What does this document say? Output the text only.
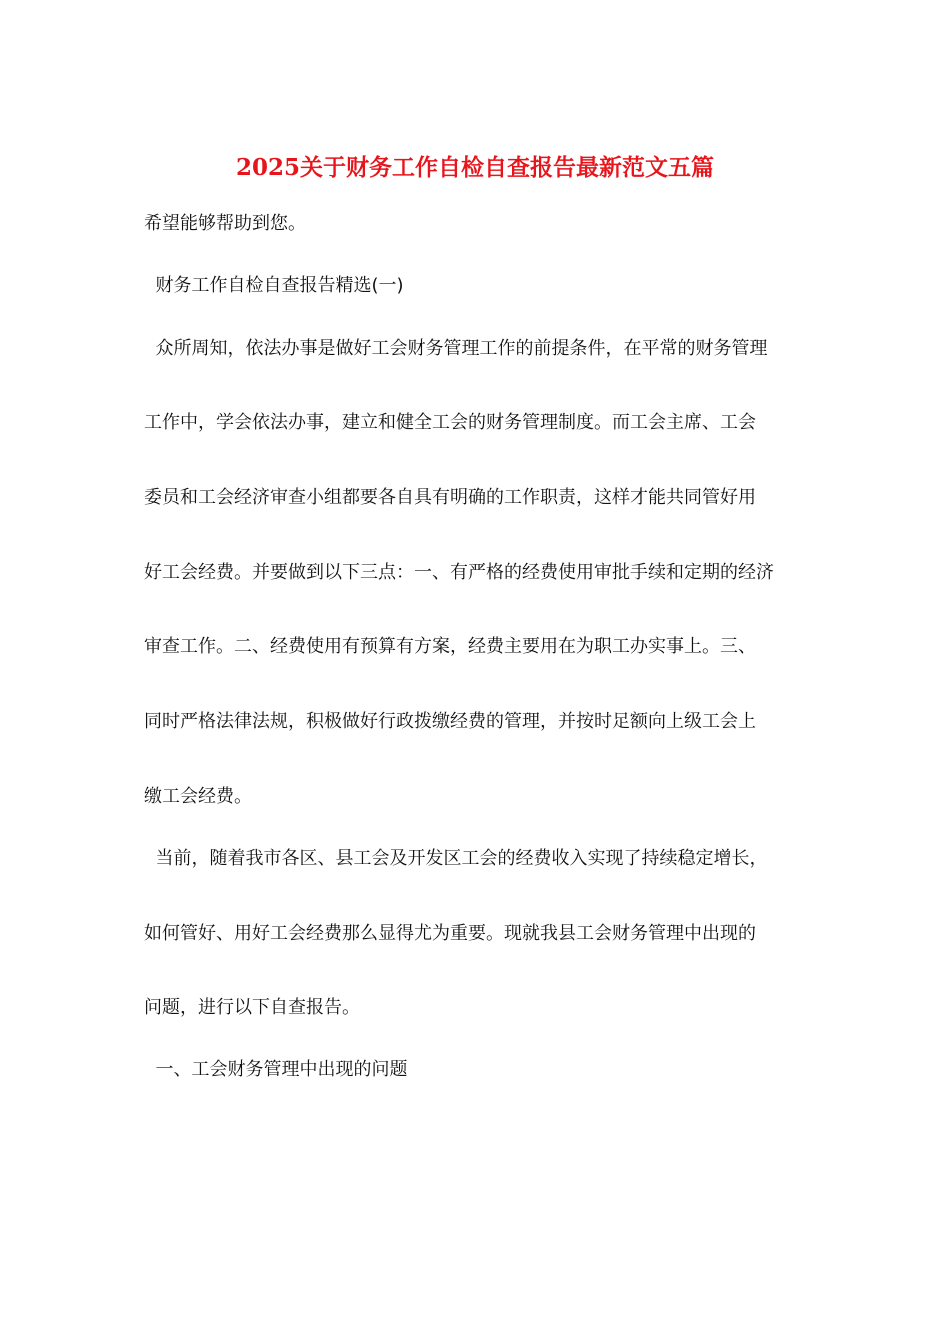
2025关于财务工作自检自查报告最新范文五篇
希望能够帮助到您。
财务工作自检自查报告精选(一)
众所周知，依法办事是做好工会财务管理工作的前提条件，在平常的财务管理
工作中，学会依法办事，建立和健全工会的财务管理制度。而工会主席、工会
委员和工会经济审查小组都要各自具有明确的工作职责，这样才能共同管好用
好工会经费。并要做到以下三点：一、有严格的经费使用审批手续和定期的经济
审查工作。二、经费使用有预算有方案，经费主要用在为职工办实事上。三、
同时严格法律法规，积极做好行政拨缴经费的管理，并按时足额向上级工会上
缴工会经费。
当前，随着我市各区、县工会及开发区工会的经费收入实现了持续稳定增长，
如何管好、用好工会经费那么显得尤为重要。现就我县工会财务管理中出现的
问题，进行以下自查报告。
一、工会财务管理中出现的问题
